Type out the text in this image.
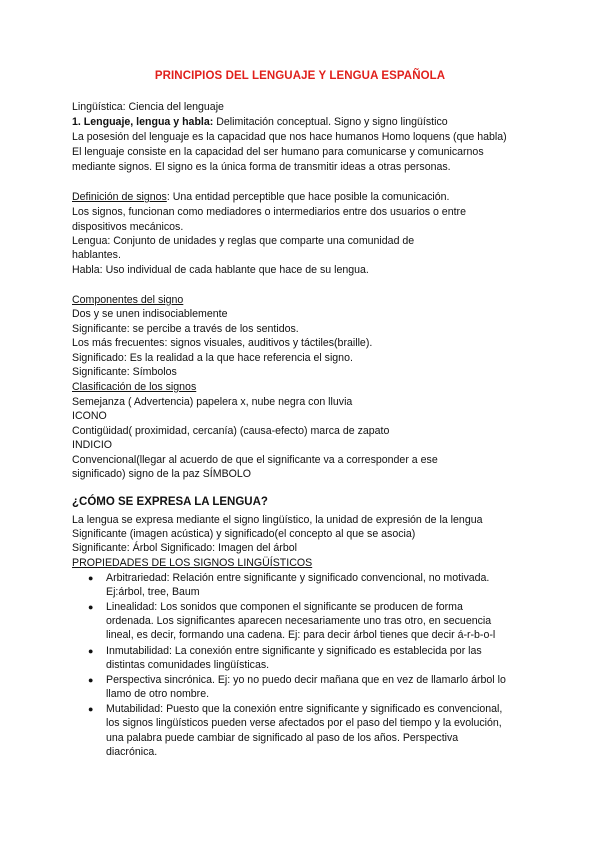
PRINCIPIOS DEL LENGUAJE Y LENGUA ESPAÑOLA
Lingüística: Ciencia del lenguaje
1. Lenguaje, lengua y habla: Delimitación conceptual. Signo y signo lingüístico
La posesión del lenguaje es la capacidad que nos hace humanos Homo loquens (que habla)
El lenguaje consiste en la capacidad del ser humano para comunicarse y comunicarnos
mediante signos. El signo es la única forma de transmitir ideas a otras personas.
Definición de signos: Una entidad perceptible que hace posible la comunicación.
Los signos, funcionan como mediadores o intermediarios entre dos usuarios o entre
dispositivos mecánicos.
Lengua: Conjunto de unidades y reglas que comparte una comunidad de
hablantes.
Habla: Uso individual de cada hablante que hace de su lengua.
Componentes del signo
Dos y se unen indisociablemente
Significante: se percibe a través de los sentidos.
Los más frecuentes: signos visuales, auditivos y táctiles(braille).
Significado: Es la realidad a la que hace referencia el signo.
Significante: Símbolos
Clasificación de los signos
Semejanza ( Advertencia) papelera x, nube negra con lluvia
ICONO
Contigüidad( proximidad, cercanía) (causa-efecto) marca de zapato
INDICIO
Convencional(llegar al acuerdo de que el significante va a corresponder a ese
significado) signo de la paz SÍMBOLO
¿CÓMO SE EXPRESA LA LENGUA?
La lengua se expresa mediante el signo lingüístico, la unidad de expresión de la lengua
Significante (imagen acústica) y significado(el concepto al que se asocia)
Significante: Árbol Significado: Imagen del árbol
PROPIEDADES DE LOS SIGNOS LINGÜÍSTICOS
● Arbitrariedad: Relación entre significante y significado convencional, no motivada.
Ej:árbol, tree, Baum
● Linealidad: Los sonidos que componen el significante se producen de forma
ordenada. Los significantes aparecen necesariamente uno tras otro, en secuencia
lineal, es decir, formando una cadena. Ej: para decir árbol tienes que decir á-r-b-o-l
● Inmutabilidad: La conexión entre significante y significado es establecida por las
distintas comunidades lingüísticas.
● Perspectiva sincrónica. Ej: yo no puedo decir mañana que en vez de llamarlo árbol lo
llamo de otro nombre.
● Mutabilidad: Puesto que la conexión entre significante y significado es convencional,
los signos lingüísticos pueden verse afectados por el paso del tiempo y la evolución,
una palabra puede cambiar de significado al paso de los años. Perspectiva
diacrónica.
